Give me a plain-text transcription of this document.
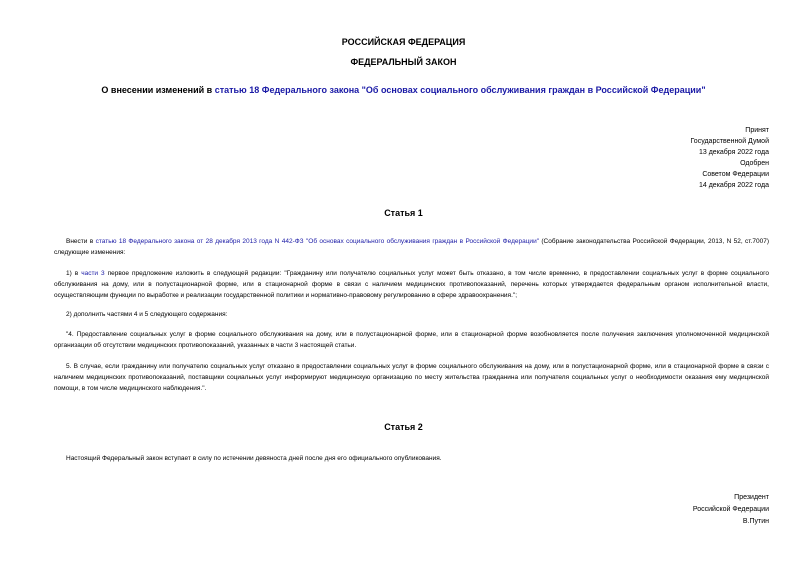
РОССИЙСКАЯ ФЕДЕРАЦИЯ
ФЕДЕРАЛЬНЫЙ ЗАКОН
О внесении изменений в статью 18 Федерального закона "Об основах социального обслуживания граждан в Российской Федерации"
Принят
Государственной Думой
13 декабря 2022 года
Одобрен
Советом Федерации
14 декабря 2022 года
Статья 1
Внести в статью 18 Федерального закона от 28 декабря 2013 года N 442-ФЗ "Об основах социального обслуживания граждан в Российской Федерации" (Собрание законодательства Российской Федерации, 2013, N 52, ст.7007) следующие изменения:
1) в части 3 первое предложение изложить в следующей редакции: "Гражданину или получателю социальных услуг может быть отказано, в том числе временно, в предоставлении социальных услуг в форме социального обслуживания на дому, или в полустационарной форме, или в стационарной форме в связи с наличием медицинских противопоказаний, перечень которых утверждается федеральным органом исполнительной власти, осуществляющим функции по выработке и реализации государственной политики и нормативно-правовому регулированию в сфере здравоохранения.";
2) дополнить частями 4 и 5 следующего содержания:
"4. Предоставление социальных услуг в форме социального обслуживания на дому, или в полустационарной форме, или в стационарной форме возобновляется после получения заключения уполномоченной медицинской организации об отсутствии медицинских противопоказаний, указанных в части 3 настоящей статьи.
5. В случае, если гражданину или получателю социальных услуг отказано в предоставлении социальных услуг в форме социального обслуживания на дому, или в полустационарной форме, или в стационарной форме в связи с наличием медицинских противопоказаний, поставщики социальных услуг информируют медицинскую организацию по месту жительства гражданина или получателя социальных услуг о необходимости оказания ему медицинской помощи, в том числе медицинского наблюдения.".
Статья 2
Настоящий Федеральный закон вступает в силу по истечении девяноста дней после дня его официального опубликования.
Президент
Российской Федерации
В.Путин
